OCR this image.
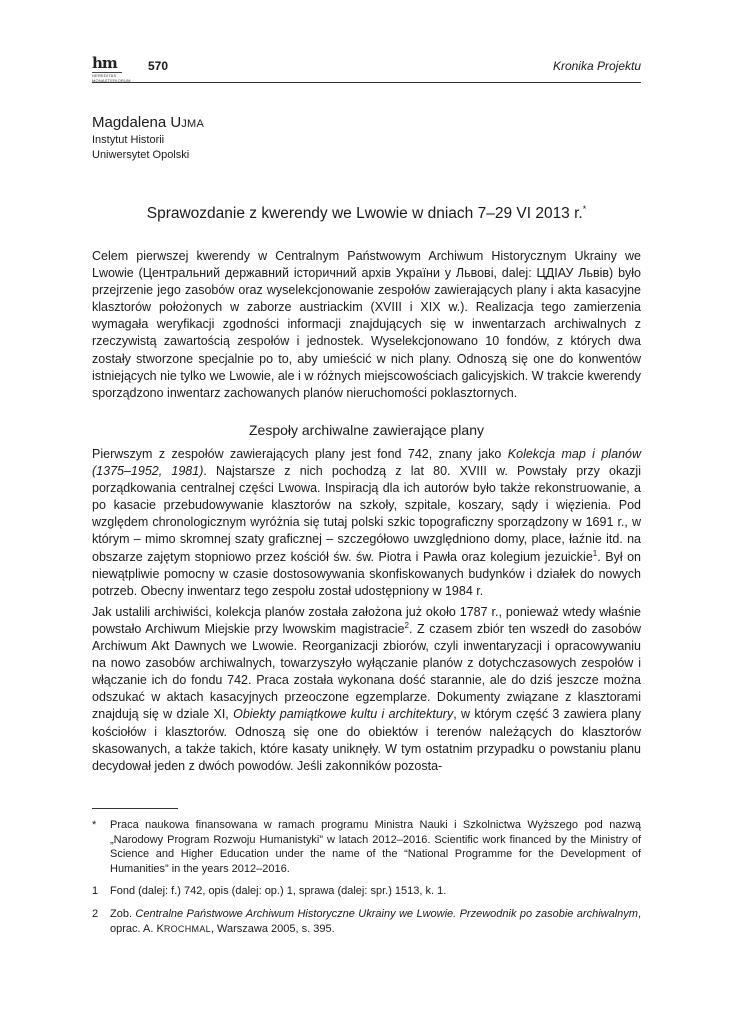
hm
HEREDITAS
MONASTERIORUM
570	Kronika Projektu
Magdalena UJMA
Instytut Historii
Uniwersytet Opolski
Sprawozdanie z kwerendy we Lwowie w dniach 7–29 VI 2013 r.*

Celem pierwszej kwerendy w Centralnym Państwowym Archiwum Historycznym Ukrainy we Lwowie (Центральний державний історичний архів України у Львові, dalej: ЦДІАУ Львів) było przejrzenie jego zasobów oraz wyselekcjonowanie zespołów zawierających plany i akta kasacyjne klasztorów położonych w zaborze austriackim (XVIII i XIX w.). Realizacja tego zamierzenia wymagała weryfikacji zgodności informacji znajdujących się w inwentarzach archiwalnych z rzeczywistą zawartością zespołów i jednostek. Wyselekcjonowano 10 fondów, z których dwa zostały stworzone specjalnie po to, aby umieścić w nich plany. Odnoszą się one do konwentów istniejących nie tylko we Lwowie, ale i w różnych miejscowościach galicyjskich. W trakcie kwerendy sporządzono inwentarz zachowanych planów nieruchomości poklasztornych.

Zespoły archiwalne zawierające plany

Pierwszym z zespołów zawierających plany jest fond 742, znany jako Kolekcja map i planów (1375–1952, 1981). Najstarsze z nich pochodzą z lat 80. XVIII w. Powstały przy okazji porządkowania centralnej części Lwowa. Inspiracją dla ich autorów było także rekonstruowanie, a po kasacie przebudowywanie klasztorów na szkoły, szpitale, koszary, sądy i więzienia. Pod względem chronologicznym wyróżnia się tutaj polski szkic topograficzny sporządzony w 1691 r., w którym – mimo skromnej szaty graficznej – szczegółowo uwzględniono domy, place, łaźnie itd. na obszarze zajętym stopniowo przez kościół św. św. Piotra i Pawła oraz kolegium jezuickie$^1$. Był on niewątpliwie pomocny w czasie dostosowywania skonfiskowanych budynków i działek do nowych potrzeb. Obecny inwentarz tego zespołu został udostępniony w 1984 r.

Jak ustalili archiwiści, kolekcja planów została założona już około 1787 r., ponieważ wtedy właśnie powstało Archiwum Miejskie przy lwowskim magistracie$^2$. Z czasem zbiór ten wszedł do zasobów Archiwum Akt Dawnych we Lwowie. Reorganizacji zbiorów, czyli inwentaryzacji i opracowywaniu na nowo zasobów archiwalnych, towarzyszyło wyłączanie planów z dotychczasowych zespołów i włączanie ich do fondu 742. Praca została wykonana dość starannie, ale do dziś jeszcze można odszukać w aktach kasacyjnych przeoczone egzemplarze. Dokumenty związane z klasztorami znajdują się w dziale XI, Obiekty pamiątkowe kultu i architektury, w którym część 3 zawiera plany kościołów i klasztorów. Odnoszą się one do obiektów i terenów należących do klasztorów skasowanych, a także takich, które kasaty uniknęły. W tym ostatnim przypadku o powstaniu planu decydował jeden z dwóch powodów. Jeśli zakonników pozosta-

*	Praca naukowa finansowana w ramach programu Ministra Nauki i Szkolnictwa Wyższego pod nazwą „Narodowy Program Rozwoju Humanistyki” w latach 2012–2016. Scientific work financed by the Ministry of Science and Higher Education under the name of the “National Programme for the Development of Humanities” in the years 2012–2016.
1	Fond (dalej: f.) 742, opis (dalej: op.) 1, sprawa (dalej: spr.) 1513, k. 1.
2	Zob. Centralne Państwowe Archiwum Historyczne Ukrainy we Lwowie. Przewodnik po zasobie archiwalnym, oprac. A. KROCHMAL, Warszawa 2005, s. 395.
